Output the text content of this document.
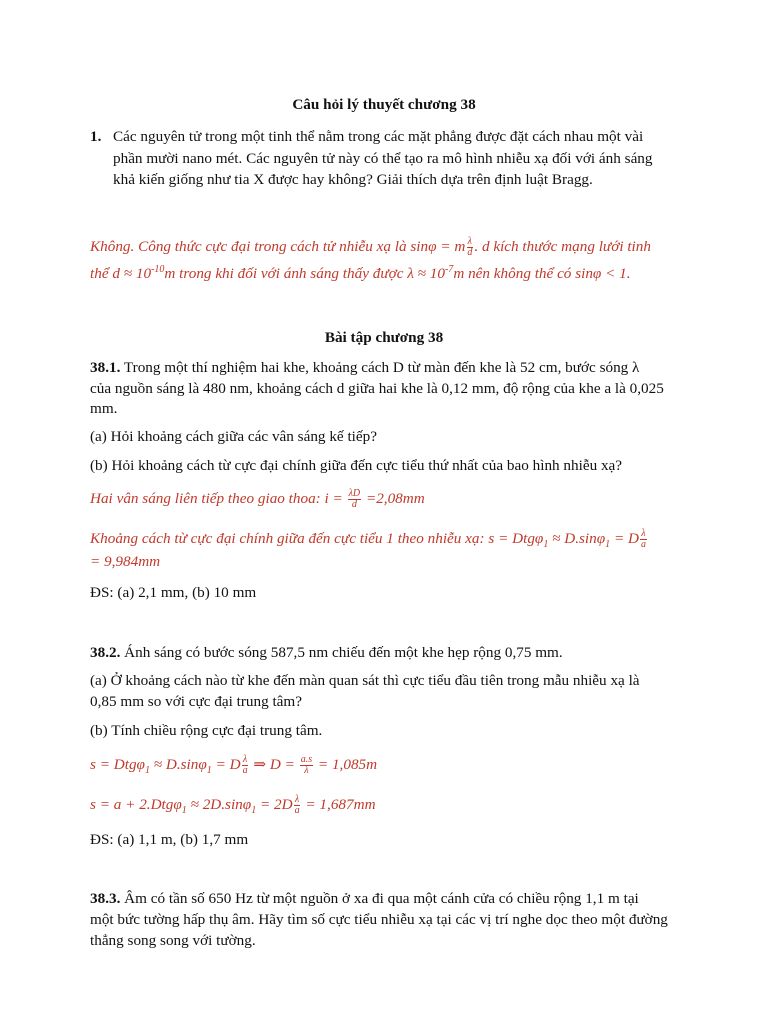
Câu hỏi lý thuyết chương 38
1. Các nguyên tử trong một tinh thể nằm trong các mặt phẳng được đặt cách nhau một vài
phần mười nano mét. Các nguyên tử này có thể tạo ra mô hình nhiễu xạ đối với ánh sáng
khả kiến giống như tia X được hay không? Giải thích dựa trên định luật Bragg.
Không. Công thức cực đại trong cách tử nhiễu xạ là sinφ = m $\frac{\lambda}{d}$ . d kích thước mạng lưới tinh
thể $d \approx 10^{-10}m$ trong khi đối với ánh sáng thấy được $\lambda \approx 10^{-7}m$ nên không thể có sinφ < 1.
Bài tập chương 38
38.1. Trong một thí nghiệm hai khe, khoảng cách D từ màn đến khe là 52 cm, bước sóng λ
của nguồn sáng là 480 nm, khoảng cách d giữa hai khe là 0,12 mm, độ rộng của khe a là 0,025
mm.
(a) Hỏi khoảng cách giữa các vân sáng kế tiếp?
(b) Hỏi khoảng cách từ cực đại chính giữa đến cực tiểu thứ nhất của bao hình nhiễu xạ?
Hai vân sáng liên tiếp theo giao thoa: $i = \frac{\lambda D}{d} =2,08mm$
Khoảng cách từ cực đại chính giữa đến cực tiểu 1 theo nhiễu xạ: s = Dtgφ$_1$ ≈ D.sinφ$_1$ = D $\frac{\lambda}{a}$
= 9,984mm
ĐS: (a) 2,1 mm, (b) 10 mm
38.2. Ánh sáng có bước sóng 587,5 nm chiếu đến một khe hẹp rộng 0,75 mm.
(a) Ở khoảng cách nào từ khe đến màn quan sát thì cực tiểu đầu tiên trong mẫu nhiễu xạ là
0,85 mm so với cực đại trung tâm?
(b) Tính chiều rộng cực đại trung tâm.
s = Dtgφ$_1$ ≈ D.sinφ$_1$ = D $\frac{\lambda}{a}$ ⇒ $D = \frac{a.s}{\lambda} = 1,085m$
$s = a + 2.Dtg\varphi_1 \approx 2D.\sin\varphi_1 = 2D \frac{\lambda}{a} = 1,687mm$
ĐS: (a) 1,1 m, (b) 1,7 mm
38.3. Âm có tần số 650 Hz từ một nguồn ở xa đi qua một cánh cửa có chiều rộng 1,1 m tại
một bức tường hấp thụ âm. Hãy tìm số cực tiểu nhiễu xạ tại các vị trí nghe dọc theo một đường
thẳng song song với tường.
